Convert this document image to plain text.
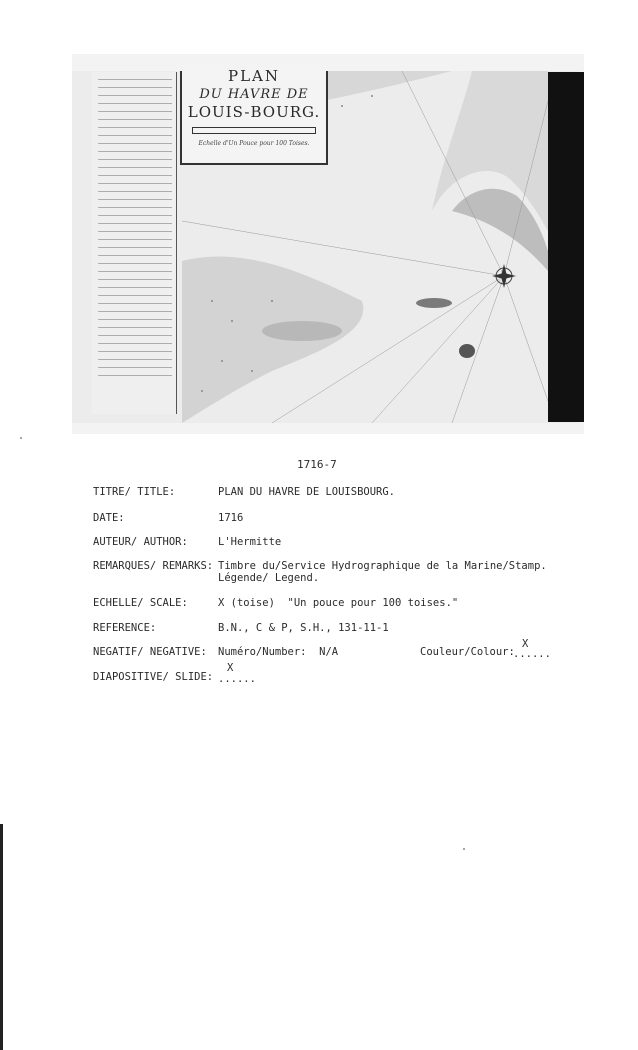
PLAN
DU HAVRE DE
LOUIS-BOURG.
Echelle d'Un Pouce pour 100 Toises.
1716-7
TITRE/ TITLE:	PLAN DU HAVRE DE LOUISBOURG.
DATE:	1716
AUTEUR/ AUTHOR:	L'Hermitte
REMARQUES/ REMARKS: Timbre du/Service Hydrographique de la Marine/Stamp.
Légende/ Legend.
ECHELLE/ SCALE:	X (toise)  "Un pouce pour 100 toises."
REFERENCE:	B.N., C & P, S.H., 131-11-1
NEGATIF/ NEGATIVE: Numéro/Number:  N/A	Couleur/Colour:
X
......
DIAPOSITIVE/ SLIDE:
X
......
